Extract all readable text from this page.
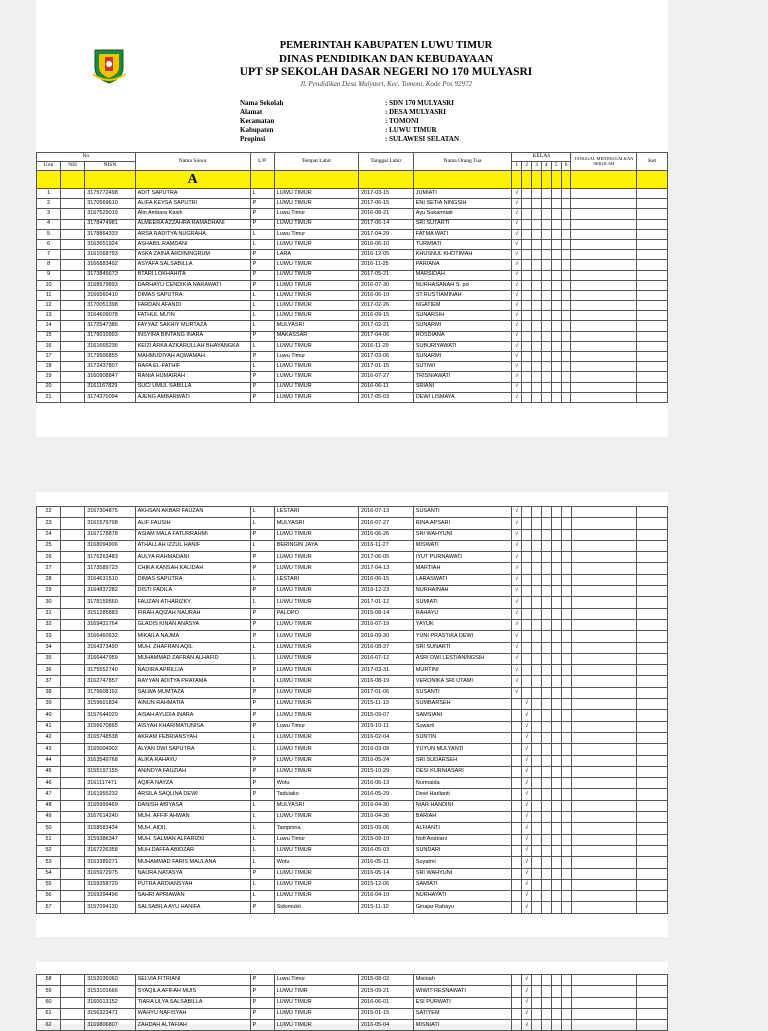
PEMERINTAH KABUPATEN LUWU TIMUR
DINAS PENDIDIKAN DAN KEBUDAYAAN
UPT SP SEKOLAH DASAR NEGERI NO 170 MULYASRI
Jl. Pendidikan Desa Mulyasri, Kec. Tomoni, Kode Pos 92972
Nama Sekolah	: SDN 170 MULYASRI
Alamat	: DESA MULYASRI
Kecamatan	: TOMONI
Kabupaten	: LUWU TIMUR
Propinsi	: SULAWESI SELATAN
No			Nama Siswa	L/P	Tempat Lahir	Tanggal Lahir	Nama Orang Tua	KELAS						TANGGAL MENINGGALKAN SEKOLAH	Ket
Urut	NIS	NISN						1	2	3	4	5	6		
			A												
1		3175772498	ADIT SAPUTRA	L	LUWU TIMUR	2017-03-15	JUMIATI	√							
2		3170569610	ALIFA KEYSA SAPUTRI	P	LUWU TIMUR	2017-06-15	ENI SETIA NINGSIH	√							
3		3167529019	Alin Ambara Kasih	P	Luwu Timur	2016-08-21	Ayu Sukarmiati	√							
4		3178474981	ALMEERA AZZAHRA RAMADHANI	P	LUWU TIMUR	2017-06-14	SRI SUTARTI	√							
5		3178864333	ARSA RADITYA NUGRAHA	L	Luwu Timur	2017-04-29	FATMA WATI	√							
6		3163651924	ASHABIL RAMDANI	L	LUWU TIMUR	2016-06-10	TURMIATI	√							
7		3161068793	ASKA ZAINA ARDININGRUM	P	LARA	2016-12-05	KHUSNUL KHOTIMAH	√							
8		3166883492	ASYAFA SALSABILLA	P	LUWU TIMUR	2016-11-25	PARIANA	√							
9		3173845673	BTARI LOKHAHITA	P	LUWU TIMUR	2017-05-21	MARSIDAH	√							
10		3168979893	DARHAYU CENDIKIA NARAWATI	P	LUWU TIMUR	2016-07-30	NURHASANAH S. pd	√							
11		3166560410	DIMAS SAPUTRA	L	LUWU TIMUR	2016-06-10	ST.RUSTIAMINAH	√							
12		3170051398	FARDAN AFANDI	L	LUWU TIMUR	2017-02-26	NGATIEM	√							
13		3164609078	FATHUL MU'IN	L	LUWU TIMUR	2016-09-15	SUNARSIH	√							
14		3172547386	FAYYAZ SAKHIY MURTAZA	L	MULYASRI	2017-02-21	SUNARMI	√							
15		3179010993	INSYIRA BINTANG INARA	P	MAKASSAR	2017-04-06	ROSDIANA	√							
16		3161665236	KEIZI ARKA AZKARULLAH BHAYANGKA	L	LUWU TIMUR	2016-11-29	SUBURIYAWATI	√							
17		3179506855	MAHMUDIYAH AQWAMAH	P	Luwu Timur	2017-03-06	SUNARMI	√							
18		3172437807	RAFA EL-FATHIF	L	LUWU TIMUR	2017-01-15	SUTIWI	√							
19		3160908847	RANIA HUMAIRAH	P	LUWU TIMUR	2016-07-27	TRISNIAWATI	√							
20		3161167829	SUCI UMUL SABILLA	P	LUWU TIMUR	2016-06-11	SRIANI	√							
21		3174370094	AJENG AMBARWATI	P	LUWU TIMUR	2017-05-03	DEWI LISMAYA	√							
22		3167304875	AKHSAN AKBAR FAUZAN	L	LESTARI	2016-07-13	SUSANTI	√							
23		3161579798	ALIF FAUSIH	L	MULYASRI	2016-07-27	RINA APSARI	√							
24		3167178878	ASIAM MALA FATURRAHMI	P	LUWU TIMUR	2016-06-26	SRI WAHYUNI	√							
25		3168094906	ATHALLAH IZZUL HANIF	L	BERINGIN JAYA	2016-11-27	MISWATI	√							
26		3176263483	AULYA RAHMADANI	P	LUWU TIMUR	2017-06-05	IYUT PURNAWATI	√							
27		3173589723	CHIKA KANSAH KALIDAH	P	LUWU TIMUR	2017-04-13	MARTIAH	√							
28		3164631510	DIMAS SAPUTRA	L	LESTARI	2016-06-15	LARASWATI	√							
29		3164837282	DISTI FADILA	P	LUWU TIMUR	2016-12-23	NURHAINAH	√							
30		3178159560	FAUZAN ATHARIZKY	L	LUWU TIMUR	2017-01-12	SUMIATI	√							
31		3151285883	FIRAH AQIZAH NAURAH	P	PALOPO	2015-08-14	RAHAYU	√							
32		3169431764	GLADIS KINAN ANASYA	P	LUWU TIMUR	2016-07-19	YAYUK	√							
33		3166460632	MIKAILA NAJMA	P	LUWU TIMUR	2016-09-30	YUNI PRASTIKA DEWI	√							
34		3164373490	MUH. ZHAFRAN AQIL	L	LUWU TIMUR	2016-08-27	SRI SUNARTI	√							
35		3166447959	MUHAMMAD ZAFRAN ALHAFID	L	LUWU TIMUR	2016-07-12	ASRI DWI LESTIANINGSIH	√							
36		3175552740	NADIRA APRILLIA	P	LUWU TIMUR	2017-03-31	MURTINI	√							
37		3162747857	RAYYAN ADITYA PRATAMA	L	LUWU TIMUR	2016-08-19	VERONIKA SRI UTAMI	√							
38		3179608192	SALWA MUMTAZA	P	LUWU TIMUR	2017-01-06	SUSANTI	√							
39		3159601834	AINUN RAHMATIA	P	LUWU TIMUR	2015-11-13	SUMBARSEH		√						
40		3157644029	AISAH AYUDIA INARA	P	LUWU TIMUR	2015-09-07	SAMSIANI		√						
41		3156670865	AISYAH KHARIMATUNISA	P	Luwu Timur	2015-10-11	Suwarti		√						
42		3165748538	AKRAM FEBRIANSYAH	L	LUWU TIMUR	2016-02-04	SUNTIN		√						
43		3165004902	ALYAN DWI SAPUTRA	L	LUWU TIMUR	2016-03-09	YUYUN MULYANTI		√						
44		3163549768	ALIKA RAHAYU	P	LUWU TIMUR	2016-05-24	SRI SUDARSEH		√						
45		3155197155	ANINDYA FAUZIAH	P	LUWU TIMUR	2015-10-29	DESI KURNIASARI		√						
46		3161117471	AQIFA NAYZA	P	Wotu	2016-06-13	Nurmaida		√						
47		3161955232	ARSILA SAQLINA DEWI	P	Taduiako	2016-05-29	Dewi Harlianti		√						
48		3165999469	DANISH ABIYASA	L	MULYASRI	2016-04-30	NIAR HANDINI		√						
49		3167614240	MUH. AFFIF AHWAN	L	LUWU TIMUR	2016-04-30	BARIAH		√						
50		3158583434	MUH. AIDIL	L	Tampinna	2015-09-06	ALFIANTI		√						
51		3159386347	MUH. SALMAN ALFARIZKI	L	Luwu Timur	2015-09-10	Nofi Andriani		√						
52		3167226358	MUH.DAFFA ABIDZAR	L	LUWU TIMUR	2016-05-03	SUNDARI		√						
53		3163389271	MUHAMMAD FARIS MAULANA	L	Wotu	2016-05-11	Suyatmi		√						
54		3165972975	NAURA NATASYA	P	LUWU TIMUR	2016-05-14	SRI WAHYUNI		√						
55		3159358729	PUTRA ARDIANSYAH	L	LUWU TIMUR	2015-12-06	SAMIATI		√						
56		3169294496	SAHRI APRIAWAN	L	LUWU TIMUR	2016-04-10	NURHAYATI		√						
57		3157094130	SALSABILA AYU HANIFA	P	Sidomukti	2015-11-12	Ginajar Rahayu		√						
58		3152036060	SELVIA FITRIANI	P	Luwu Timur	2015-08-02	Misinah		√						
59		3153101666	SYAQILA AFIFAH MUIS	P	LUWU TIMR	2015-09-21	WIWIT RESNAWATI		√						
60		3160013152	TIARA ULYA SALSABILLA	P	LUWU TIMUR	2016-06-01	ESI PURWATI		√						
61		3156323471	WAHYU NAFISYAH	P	LUWU TIMUR	2015-01-15	SATIYEM		√						
62		3169806807	ZAHDAH ALTAFIAH	P	LUWU TIMUR	2016-05-04	MISNIATI		√						
